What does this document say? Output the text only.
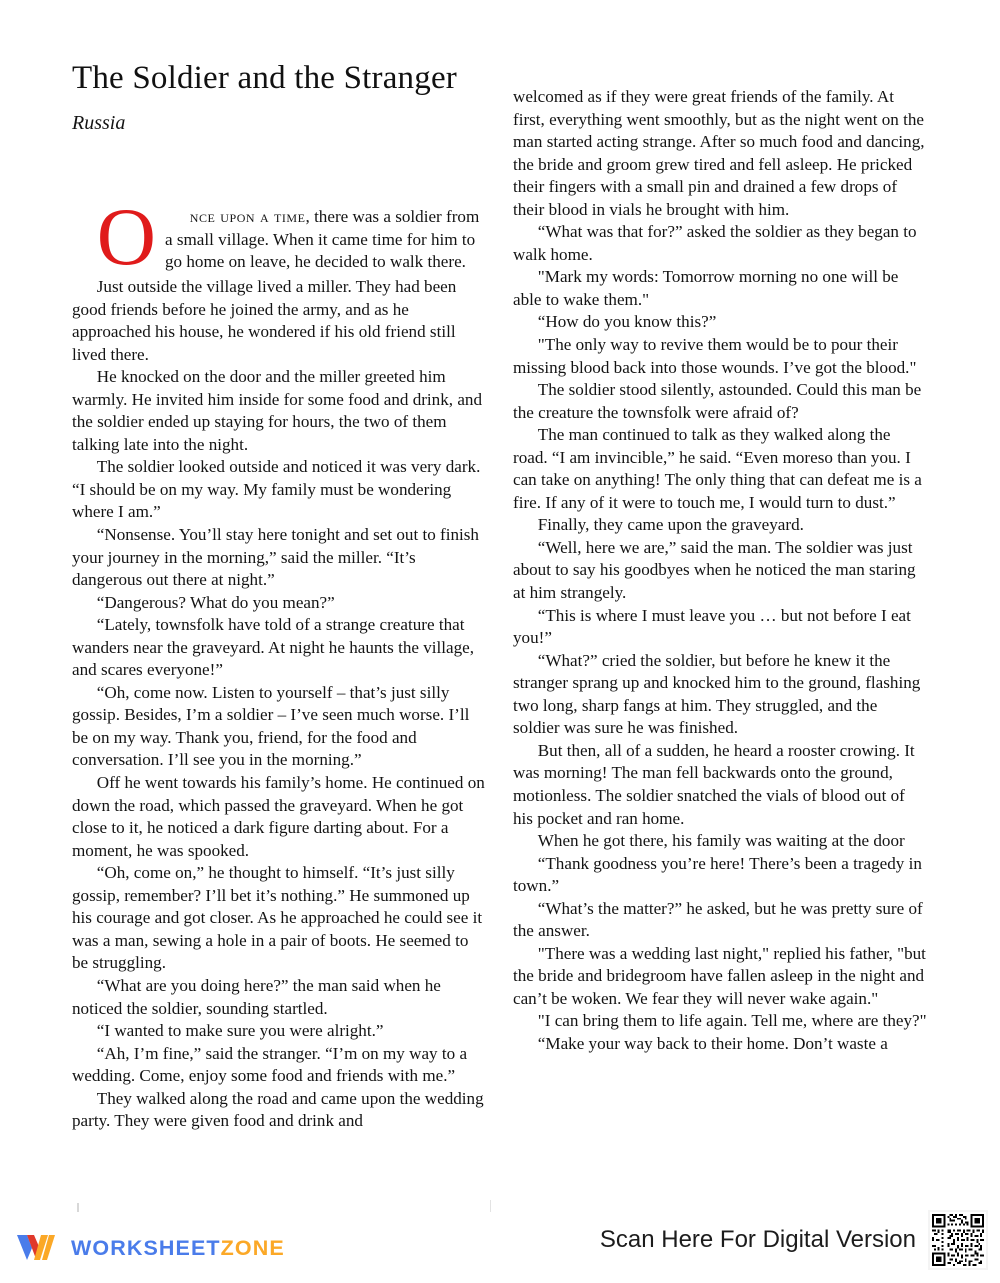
The Soldier and the Stranger
Russia

O nce upon a time, there was a soldier from a small village. When it came time for him to go home on leave, he decided to walk there.

Just outside the village lived a miller. They had been good friends before he joined the army, and as he approached his house, he wondered if his old friend still lived there.

He knocked on the door and the miller greeted him warmly. He invited him inside for some food and drink, and the soldier ended up staying for hours, the two of them talking late into the night.

The soldier looked outside and noticed it was very dark. “I should be on my way. My family must be wondering where I am.”

“Nonsense. You’ll stay here tonight and set out to finish your journey in the morning,” said the miller. “It’s dangerous out there at night.”

“Dangerous? What do you mean?”

“Lately, townsfolk have told of a strange creature that wanders near the graveyard. At night he haunts the village, and scares everyone!”

“Oh, come now. Listen to yourself – that’s just silly gossip. Besides, I’m a soldier – I’ve seen much worse. I’ll be on my way. Thank you, friend, for the food and conversation. I’ll see you in the morning.”

Off he went towards his family’s home. He continued on down the road, which passed the graveyard. When he got close to it, he noticed a dark figure darting about. For a moment, he was spooked.

“Oh, come on,” he thought to himself. “It’s just silly gossip, remember? I’ll bet it’s nothing.” He summoned up his courage and got closer. As he approached he could see it was a man, sewing a hole in a pair of boots. He seemed to be struggling.

“What are you doing here?” the man said when he noticed the soldier, sounding startled.

“I wanted to make sure you were alright.”

“Ah, I’m fine,” said the stranger. “I’m on my way to a wedding. Come, enjoy some food and friends with me.”

They walked along the road and came upon the wedding party. They were given food and drink and

welcomed as if they were great friends of the family. At first, everything went smoothly, but as the night went on the man started acting strange. After so much food and dancing, the bride and groom grew tired and fell asleep. He pricked their fingers with a small pin and drained a few drops of their blood in vials he brought with him.

“What was that for?” asked the soldier as they began to walk home.

"Mark my words: Tomorrow morning no one will be able to wake them."

“How do you know this?”

"The only way to revive them would be to pour their missing blood back into those wounds. I’ve got the blood."

The soldier stood silently, astounded. Could this man be the creature the townsfolk were afraid of?

The man continued to talk as they walked along the road. “I am invincible,” he said. “Even moreso than you. I can take on anything! The only thing that can defeat me is a fire. If any of it were to touch me, I would turn to dust.”

Finally, they came upon the graveyard.

“Well, here we are,” said the man. The soldier was just about to say his goodbyes when he noticed the man staring at him strangely.

“This is where I must leave you … but not before I eat you!”

“What?” cried the soldier, but before he knew it the stranger sprang up and knocked him to the ground, flashing two long, sharp fangs at him. They struggled, and the soldier was sure he was finished.

But then, all of a sudden, he heard a rooster crowing. It was morning! The man fell backwards onto the ground, motionless. The soldier snatched the vials of blood out of his pocket and ran home.

When he got there, his family was waiting at the door

“Thank goodness you’re here! There’s been a tragedy in town.”

“What’s the matter?” he asked, but he was pretty sure of the answer.

"There was a wedding last night," replied his father, "but the bride and bridegroom have fallen asleep in the night and can’t be woken. We fear they will never wake again."

"I can bring them to life again. Tell me, where are they?"

“Make your way back to their home. Don’t waste a

WORKSHEETZONE	Scan Here For Digital Version
